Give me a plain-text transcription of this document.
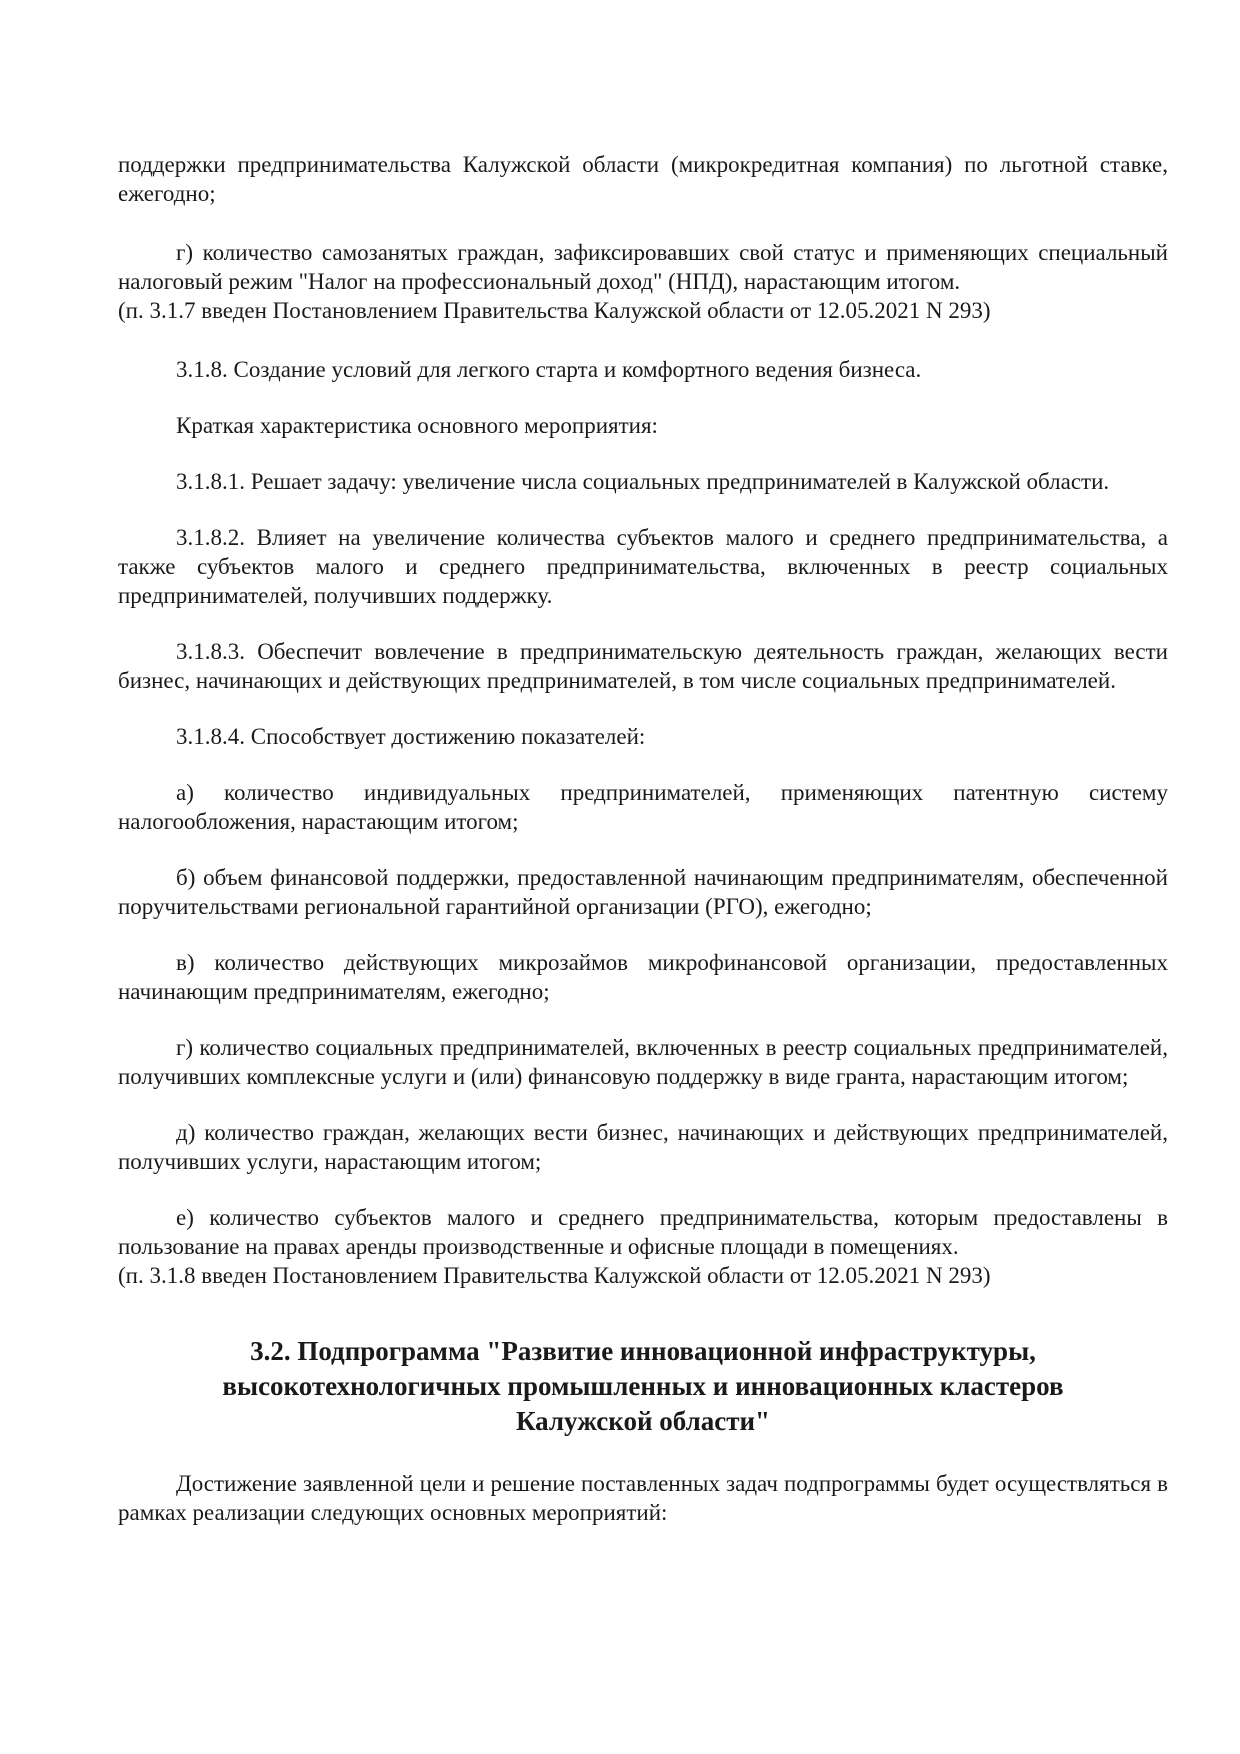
поддержки предпринимательства Калужской области (микрокредитная компания) по льготной ставке, ежегодно;

г) количество самозанятых граждан, зафиксировавших свой статус и применяющих специальный налоговый режим "Налог на профессиональный доход" (НПД), нарастающим итогом.

(п. 3.1.7 введен Постановлением Правительства Калужской области от 12.05.2021 N 293)

3.1.8. Создание условий для легкого старта и комфортного ведения бизнеса.

Краткая характеристика основного мероприятия:

3.1.8.1. Решает задачу: увеличение числа социальных предпринимателей в Калужской области.

3.1.8.2. Влияет на увеличение количества субъектов малого и среднего предпринимательства, а также субъектов малого и среднего предпринимательства, включенных в реестр социальных предпринимателей, получивших поддержку.

3.1.8.3. Обеспечит вовлечение в предпринимательскую деятельность граждан, желающих вести бизнес, начинающих и действующих предпринимателей, в том числе социальных предпринимателей.

3.1.8.4. Способствует достижению показателей:

а) количество индивидуальных предпринимателей, применяющих патентную систему налогообложения, нарастающим итогом;

б) объем финансовой поддержки, предоставленной начинающим предпринимателям, обеспеченной поручительствами региональной гарантийной организации (РГО), ежегодно;

в) количество действующих микрозаймов микрофинансовой организации, предоставленных начинающим предпринимателям, ежегодно;

г) количество социальных предпринимателей, включенных в реестр социальных предпринимателей, получивших комплексные услуги и (или) финансовую поддержку в виде гранта, нарастающим итогом;

д) количество граждан, желающих вести бизнес, начинающих и действующих предпринимателей, получивших услуги, нарастающим итогом;

е) количество субъектов малого и среднего предпринимательства, которым предоставлены в пользование на правах аренды производственные и офисные площади в помещениях.

(п. 3.1.8 введен Постановлением Правительства Калужской области от 12.05.2021 N 293)

3.2. Подпрограмма "Развитие инновационной инфраструктуры, высокотехнологичных промышленных и инновационных кластеров Калужской области"

Достижение заявленной цели и решение поставленных задач подпрограммы будет осуществляться в рамках реализации следующих основных мероприятий:
